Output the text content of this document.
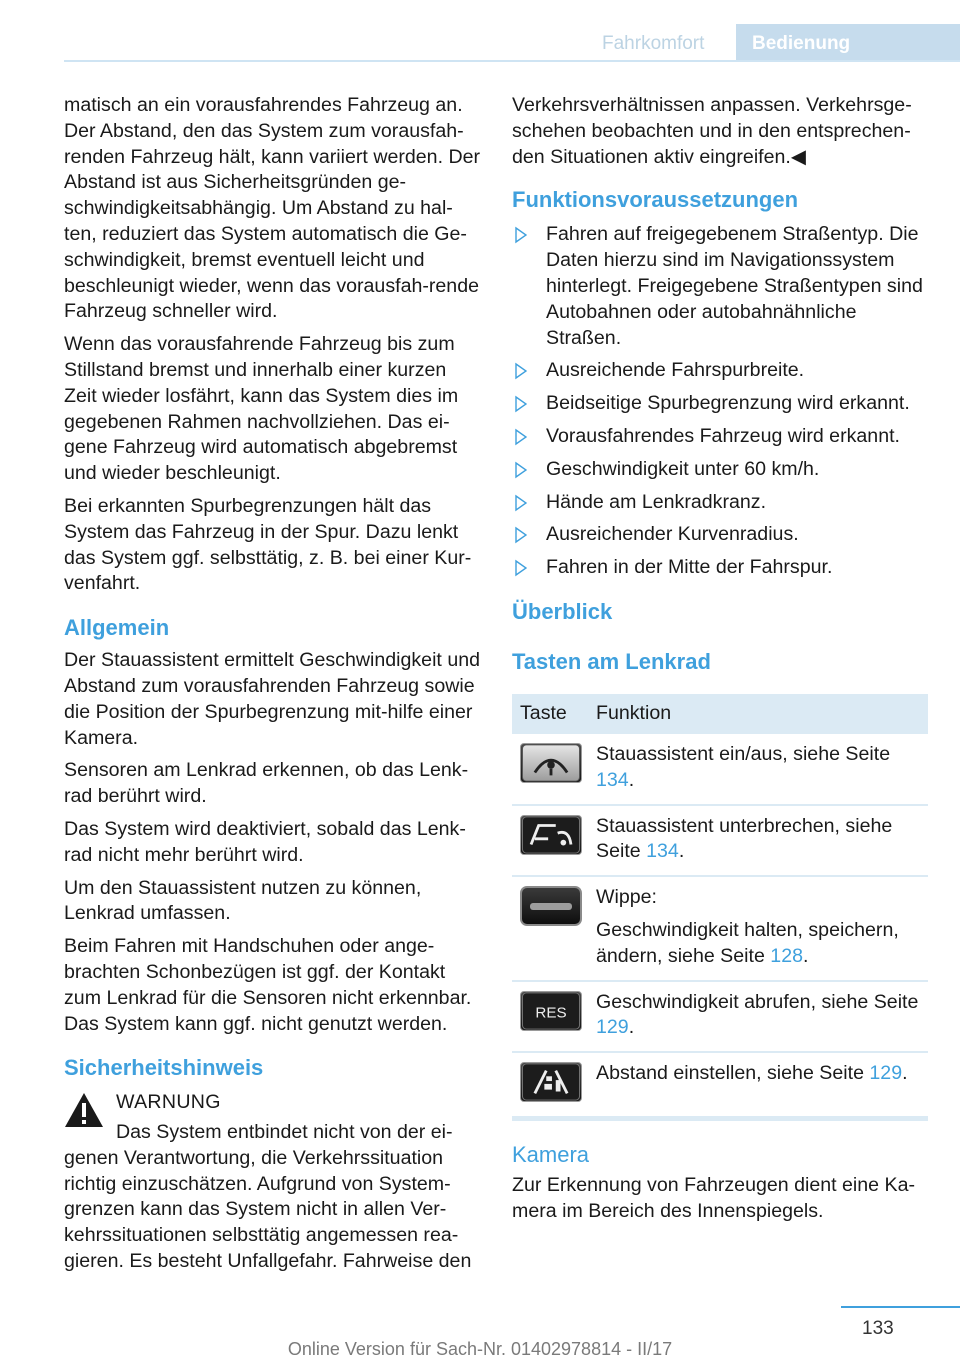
Fahrkomfort	Bedienung

matisch an ein vorausfahrendes Fahrzeug an. Der Abstand, den das System zum vorausfah-renden Fahrzeug hält, kann variiert werden. Der Abstand ist aus Sicherheitsgründen ge-schwindigkeitsabhängig. Um Abstand zu hal-ten, reduziert das System automatisch die Ge-schwindigkeit, bremst eventuell leicht und beschleunigt wieder, wenn das vorausfah-rende Fahrzeug schneller wird.

Wenn das vorausfahrende Fahrzeug bis zum Stillstand bremst und innerhalb einer kurzen Zeit wieder losfährt, kann das System dies im gegebenen Rahmen nachvollziehen. Das ei-gene Fahrzeug wird automatisch abgebremst und wieder beschleunigt.

Bei erkannten Spurbegrenzungen hält das System das Fahrzeug in der Spur. Dazu lenkt das System ggf. selbsttätig, z. B. bei einer Kur-venfahrt.

Allgemein

Der Stauassistent ermittelt Geschwindigkeit und Abstand zum vorausfahrenden Fahrzeug sowie die Position der Spurbegrenzung mit-hilfe einer Kamera.

Sensoren am Lenkrad erkennen, ob das Lenk-rad berührt wird.

Das System wird deaktiviert, sobald das Lenk-rad nicht mehr berührt wird.

Um den Stauassistent nutzen zu können, Lenkrad umfassen.

Beim Fahren mit Handschuhen oder ange-brachten Schonbezügen ist ggf. der Kontakt zum Lenkrad für die Sensoren nicht erkennbar. Das System kann ggf. nicht genutzt werden.

Sicherheitshinweis
WARNUNG
Das System entbindet nicht von der ei-genen Verantwortung, die Verkehrssituation richtig einzuschätzen. Aufgrund von System-grenzen kann das System nicht in allen Ver-kehrssituationen selbsttätig angemessen rea-gieren. Es besteht Unfallgefahr. Fahrweise den

Verkehrsverhältnissen anpassen. Verkehrsge-schehen beobachten und in den entsprechen-den Situationen aktiv eingreifen.◀

Funktionsvoraussetzungen
Fahren auf freigegebenem Straßentyp. Die Daten hierzu sind im Navigationssystem hinterlegt. Freigegebene Straßentypen sind Autobahnen oder autobahnähnliche Straßen.
Ausreichende Fahrspurbreite.
Beidseitige Spurbegrenzung wird erkannt.
Vorausfahrendes Fahrzeug wird erkannt.
Geschwindigkeit unter 60 km/h.
Hände am Lenkradkranz.
Ausreichender Kurvenradius.
Fahren in der Mitte der Fahrspur.
Überblick
Tasten am Lenkrad
Taste	Funktion

	Stauassistent ein/aus, siehe Seite 134.

	Stauassistent unterbrechen, siehe Seite 134.

	Wippe:
Geschwindigkeit halten, speichern, ändern, siehe Seite 128.

RES	Geschwindigkeit abrufen, siehe Seite 129.

	Abstand einstellen, siehe Seite 129.
Kamera

Zur Erkennung von Fahrzeugen dient eine Ka-mera im Bereich des Innenspiegels.

133
Online Version für Sach-Nr. 01402978814 - II/17
